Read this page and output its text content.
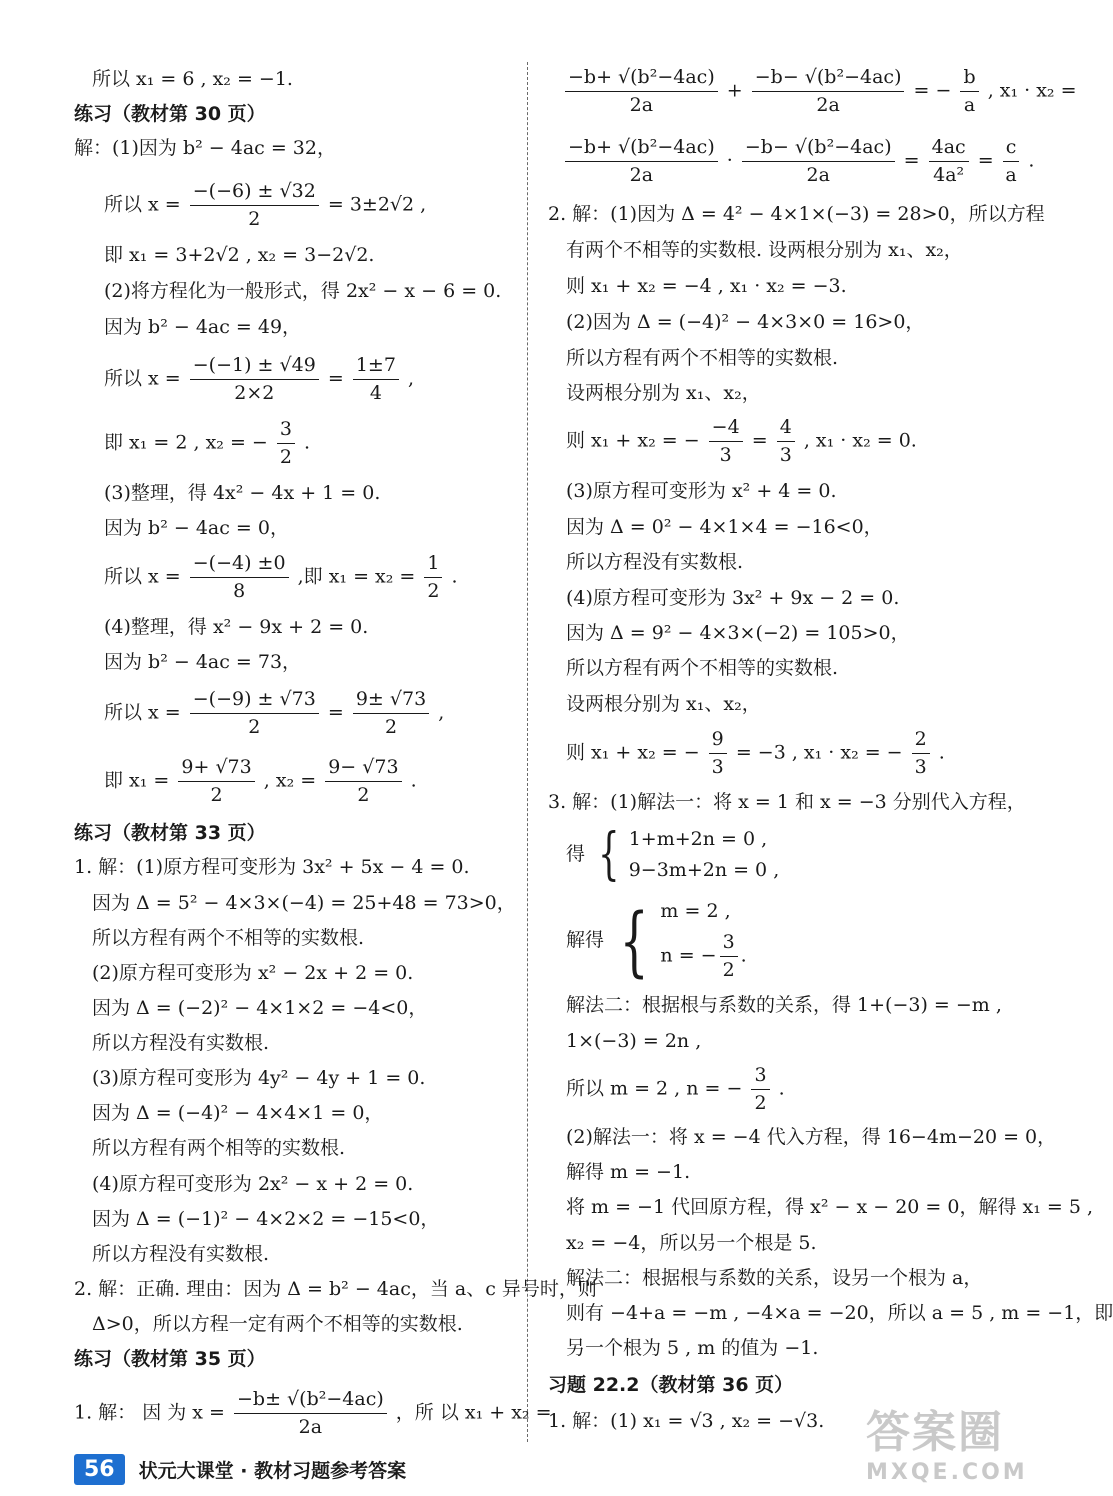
所以 x₁ = 6 , x₂ = −1.
练习（教材第 30 页）
解：(1)因为 b² − 4ac = 32，
所以 $x = \frac{-(-6) \pm √32}{2} = 3\pm 2√2$ ,
即 x₁ = 3+2√2 , x₂ = 3−2√2.
(2)将方程化为一般形式，得 2x² − x − 6 = 0.
因为 b² − 4ac = 49，
所以 $x = \frac{-(-1) \pm √49}{2\times 2} = \frac{1\pm 7}{4}$ ,
即 x₁ = 2 , x₂ = − $\frac{3}{2}$ .
(3)整理，得 4x² − 4x + 1 = 0.
因为 b² − 4ac = 0，
所以 $x = \frac{-(-4) \pm 0}{8}$ ,即 $x_1 = x_2 = \frac{1}{2}$ .
(4)整理，得 x² − 9x + 2 = 0.
因为 b² − 4ac = 73，
所以 $x = \frac{-(-9) \pm √73}{2} = \frac{9\pm √73}{2}$ ,
即 $x_1 = \frac{9+ √73}{2}$ , $x_2 = \frac{9- √73}{2}$ .
练习（教材第 33 页）
1. 解：(1)原方程可变形为 3x² + 5x − 4 = 0.
因为 Δ = 5² − 4×3×(−4) = 25+48 = 73>0，
所以方程有两个不相等的实数根.
(2)原方程可变形为 x² − 2x + 2 = 0.
因为 Δ = (−2)² − 4×1×2 = −4<0，
所以方程没有实数根.
(3)原方程可变形为 4y² − 4y + 1 = 0.
因为 Δ = (−4)² − 4×4×1 = 0，
所以方程有两个相等的实数根.
(4)原方程可变形为 2x² − x + 2 = 0.
因为 Δ = (−1)² − 4×2×2 = −15<0，
所以方程没有实数根.
2. 解：正确. 理由：因为 Δ = b² − 4ac，当 a、c 异号时，则
Δ>0，所以方程一定有两个不相等的实数根.
练习（教材第 35 页）
1. 解： 因 为 $x = \frac{\text{−b± √(b²−4ac)}}{2a}$ ，所 以 x₁ + x₂ =
$\frac{\text{−b+ √(b²−4ac)}}{2a} + \frac{\text{−b− √(b²−4ac)}}{2a}$ = − $\frac{b}{a}$ , x₁ · x₂ =
$\frac{\text{−b+ √(b²−4ac)}}{2a} \cdot \frac{\text{−b− √(b²−4ac)}}{2a} = \frac{4ac}{\text{4a²}} = \frac{c}{a}$ .
2. 解：(1)因为 Δ = 4² − 4×1×(−3) = 28>0，所以方程
有两个不相等的实数根. 设两根分别为 x₁、x₂，
则 x₁ + x₂ = −4 , x₁ · x₂ = −3.
(2)因为 Δ = (−4)² − 4×3×0 = 16>0，
所以方程有两个不相等的实数根.
设两根分别为 x₁、x₂，
则 x₁ + x₂ = − $\frac{-4}{3} = \frac{4}{3}$ , x₁ · x₂ = 0.
(3)原方程可变形为 x² + 4 = 0.
因为 Δ = 0² − 4×1×4 = −16<0，
所以方程没有实数根.
(4)原方程可变形为 3x² + 9x − 2 = 0.
因为 Δ = 9² − 4×3×(−2) = 105>0，
所以方程有两个不相等的实数根.
设两根分别为 x₁、x₂，
则 x₁ + x₂ = − $\frac{9}{3} = -3$ , x₁ · x₂ = − $\frac{2}{3}$ .
3. 解：(1)解法一：将 x = 1 和 x = −3 分别代入方程，
得 { 1+m+2n = 0 ,
9−3m+2n = 0 ,
解得 { m = 2 ,
n = − $\frac{3}{2}$ .
解法二：根据根与系数的关系，得 1+(−3) = −m ,
1×(−3) = 2n ,
所以 m = 2 , n = − $\frac{3}{2}$ .
(2)解法一：将 x = −4 代入方程，得 16−4m−20 = 0，
解得 m = −1.
将 m = −1 代回原方程，得 x² − x − 20 = 0，解得 x₁ = 5 ,
x₂ = −4，所以另一个根是 5.
解法二：根据根与系数的关系，设另一个根为 a，
则有 −4+a = −m , −4×a = −20，所以 a = 5 , m = −1，即
另一个根为 5 , m 的值为 −1.
习题 22.2（教材第 36 页）
1. 解：(1) x₁ = √3 , x₂ = −√3.
56	状元大课堂 · 教材习题参考答案
答案圈
MXQE.COM
